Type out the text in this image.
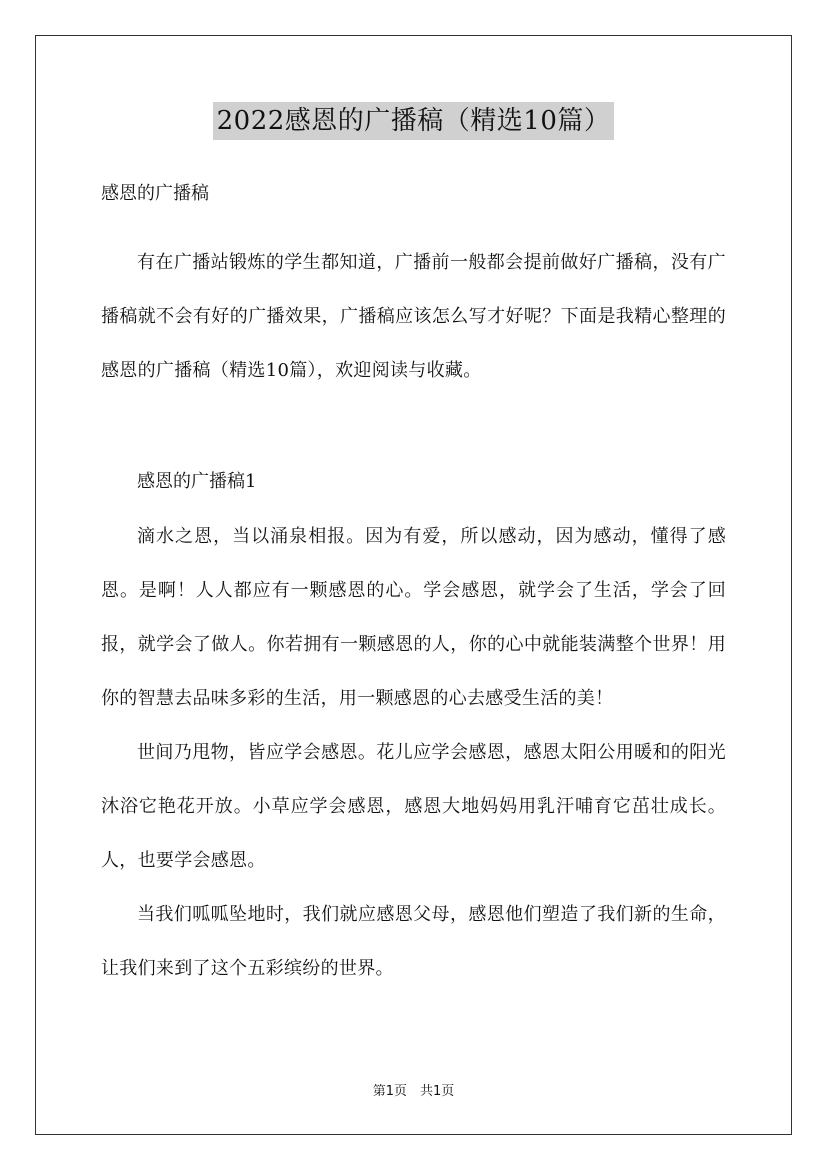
2022感恩的广播稿（精选10篇）

感恩的广播稿

有在广播站锻炼的学生都知道，广播前一般都会提前做好广播稿，没有广播稿就不会有好的广播效果，广播稿应该怎么写才好呢？下面是我精心整理的感恩的广播稿（精选10篇），欢迎阅读与收藏。

感恩的广播稿1

滴水之恩，当以涌泉相报。因为有爱，所以感动，因为感动，懂得了感恩。是啊！人人都应有一颗感恩的心。学会感恩，就学会了生活，学会了回报，就学会了做人。你若拥有一颗感恩的人，你的心中就能装满整个世界！用你的智慧去品味多彩的生活，用一颗感恩的心去感受生活的美！

世间乃甩物，皆应学会感恩。花儿应学会感恩，感恩太阳公用暖和的阳光沐浴它艳花开放。小草应学会感恩，感恩大地妈妈用乳汗哺育它茁壮成长。人，也要学会感恩。

当我们呱呱坠地时，我们就应感恩父母，感恩他们塑造了我们新的生命，让我们来到了这个五彩缤纷的世界。

第1页　共1页
